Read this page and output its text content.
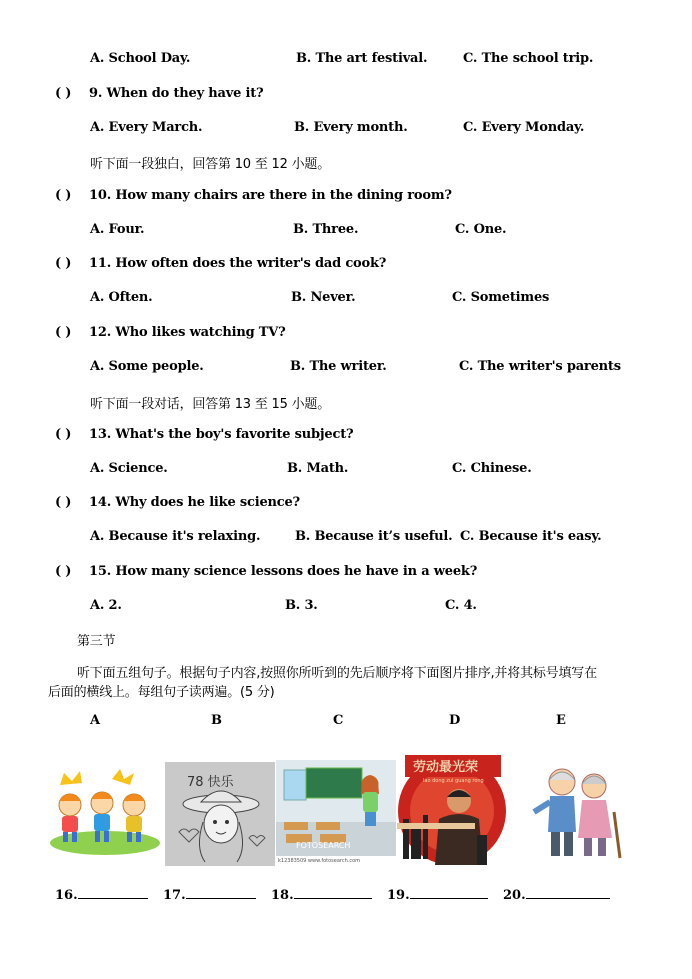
A. School Day.	B. The art festival.	C. The school trip.
( ) 9. When do they have it?
A. Every March.	B. Every month.	C. Every Monday.
听下面一段独白，回答第 10 至 12 小题。
( ) 10. How many chairs are there in the dining room?
A. Four.	B. Three.	C. One.
( ) 11. How often does the writer's dad cook?
A. Often.	B. Never.	C. Sometimes
( ) 12. Who likes watching TV?
A. Some people.	B. The writer.	C. The writer's parents
听下面一段对话，回答第 13 至 15 小题。
( ) 13. What's the boy's favorite subject?
A. Science.	B. Math.	C. Chinese.
( ) 14. Why does he like science?
A. Because it's relaxing.	B. Because it’s useful. C. Because it's easy.
( ) 15. How many science lessons does he have in a week?
A. 2.	B. 3.	C. 4.
第三节
听下面五组句子。根据句子内容,按照你所听到的先后顺序将下面图片排序,并将其标号填写在
后面的横线上。每组句子读两遍。(5 分)
A	B	C	D	E
78 快乐
FOTOSEARCH
k12383509 www.fotosearch.com
劳动最光荣
lao dong zui guang rong
16.	17.	18.	19.	20.
